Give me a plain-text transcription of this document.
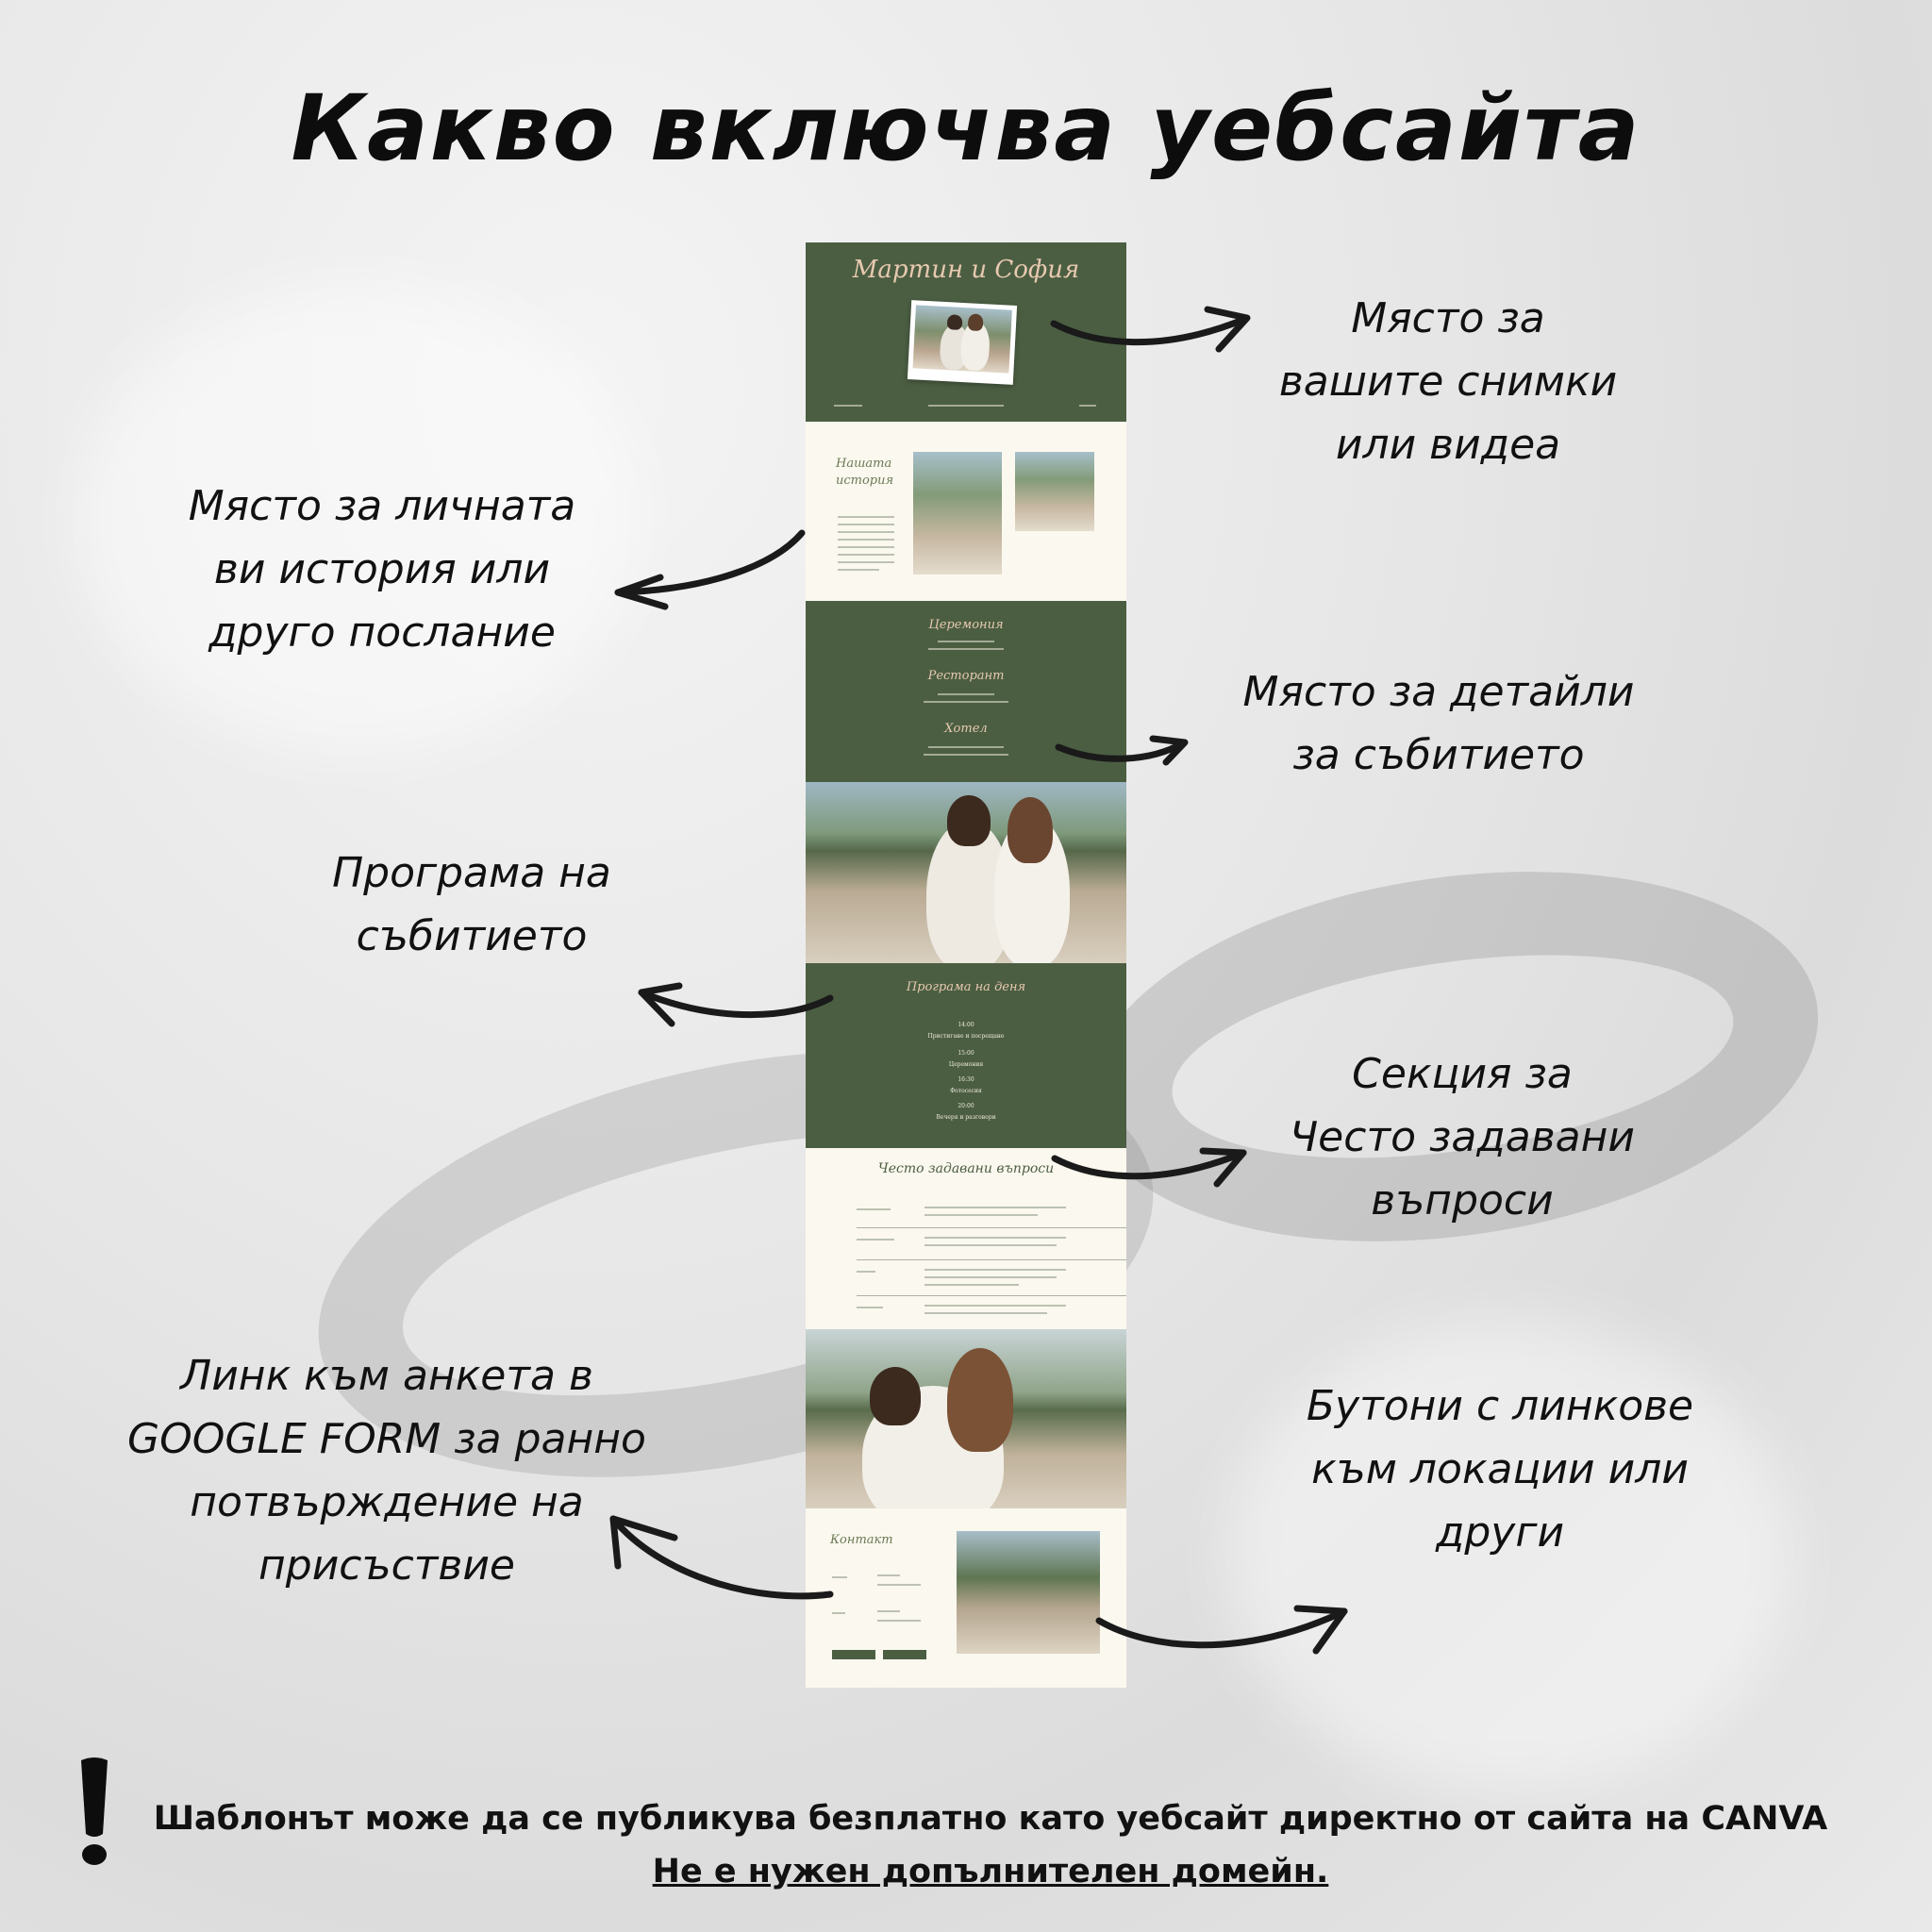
Какво включва уебсайта
Мартин и София
Нашата история
Церемония
Ресторант
Хотел
Програма на деня
14:00
Пристигане и посрещане
15:00
Церемония
16:30
Фотосесия
20:00
Вечеря и разговори
Често задавани въпроси
Контакт
Място за
вашите снимки
или видеа
Място за личната
ви история или
друго послание
Място за детайли
за събитието
Програма на
събитието
Секция за
Често задавани
въпроси
Линк към анкета в
GOOGLE FORM за ранно
потвърждение на
присъствие
Бутони с линкове
към локации или
други
Шаблонът може да се публикува безплатно като уебсайт директно от сайта на CANVA
Не е нужен допълнителен домейн.
